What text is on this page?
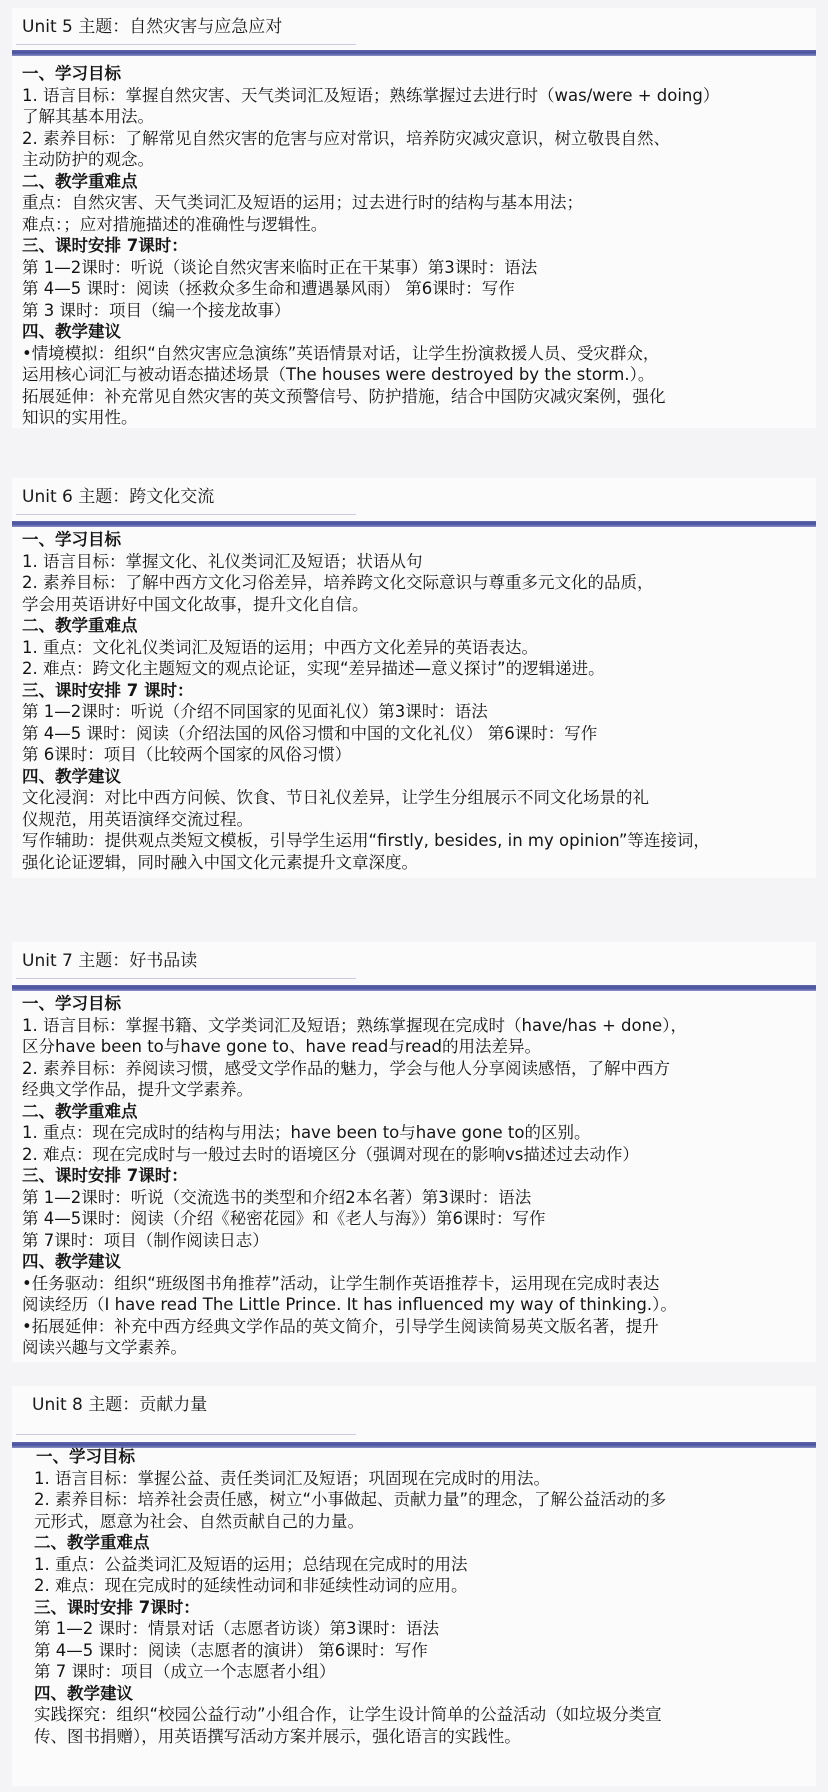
Unit 5 主题：自然灾害与应急应对
一、学习目标
1. 语言目标：掌握自然灾害、天气类词汇及短语；熟练掌握过去进行时（was/were + doing）
了解其基本用法。
2. 素养目标：了解常见自然灾害的危害与应对常识，培养防灾减灾意识，树立敬畏自然、
主动防护的观念。
二、教学重难点
重点：自然灾害、天气类词汇及短语的运用；过去进行时的结构与基本用法；
难点：；应对措施描述的准确性与逻辑性。
三、课时安排 7课时：
第 1—2课时：听说（谈论自然灾害来临时正在干某事）第3课时：语法
第 4—5 课时：阅读（拯救众多生命和遭遇暴风雨） 第6课时：写作
第 3 课时：项目（编一个接龙故事）
四、教学建议
•情境模拟：组织“自然灾害应急演练”英语情景对话，让学生扮演救援人员、受灾群众，
运用核心词汇与被动语态描述场景（The houses were destroyed by the storm.）。
拓展延伸：补充常见自然灾害的英文预警信号、防护措施，结合中国防灾减灾案例，强化
知识的实用性。
Unit 6 主题：跨文化交流
一、学习目标
1. 语言目标：掌握文化、礼仪类词汇及短语；状语从句
2. 素养目标：了解中西方文化习俗差异，培养跨文化交际意识与尊重多元文化的品质，
学会用英语讲好中国文化故事，提升文化自信。
二、教学重难点
1. 重点：文化礼仪类词汇及短语的运用；中西方文化差异的英语表达。
2. 难点：跨文化主题短文的观点论证，实现“差异描述—意义探讨”的逻辑递进。
三、课时安排 7 课时：
第 1—2课时：听说（介绍不同国家的见面礼仪）第3课时：语法
第 4—5 课时：阅读（介绍法国的风俗习惯和中国的文化礼仪） 第6课时：写作
第 6课时：项目（比较两个国家的风俗习惯）
四、教学建议
文化浸润：对比中西方问候、饮食、节日礼仪差异，让学生分组展示不同文化场景的礼
仪规范，用英语演绎交流过程。
写作辅助：提供观点类短文模板，引导学生运用“firstly, besides, in my opinion”等连接词，
强化论证逻辑，同时融入中国文化元素提升文章深度。
Unit 7 主题：好书品读
一、学习目标
1. 语言目标：掌握书籍、文学类词汇及短语；熟练掌握现在完成时（have/has + done），
区分have been to与have gone to、have read与read的用法差异。
2. 素养目标：养阅读习惯，感受文学作品的魅力，学会与他人分享阅读感悟，了解中西方
经典文学作品，提升文学素养。
二、教学重难点
1. 重点：现在完成时的结构与用法；have been to与have gone to的区别。
2. 难点：现在完成时与一般过去时的语境区分（强调对现在的影响vs描述过去动作）
三、课时安排 7课时：
第 1—2课时：听说（交流选书的类型和介绍2本名著）第3课时：语法
第 4—5课时：阅读（介绍《秘密花园》和《老人与海》）第6课时：写作
第 7课时：项目（制作阅读日志）
四、教学建议
•任务驱动：组织“班级图书角推荐”活动，让学生制作英语推荐卡，运用现在完成时表达
阅读经历（I have read The Little Prince. It has influenced my way of thinking.）。
•拓展延伸：补充中西方经典文学作品的英文简介，引导学生阅读简易英文版名著，提升
阅读兴趣与文学素养。
Unit 8 主题：贡献力量
一、学习目标
1. 语言目标：掌握公益、责任类词汇及短语；巩固现在完成时的用法。
2. 素养目标：培养社会责任感，树立“小事做起、贡献力量”的理念，了解公益活动的多
元形式，愿意为社会、自然贡献自己的力量。
二、教学重难点
1. 重点：公益类词汇及短语的运用；总结现在完成时的用法
2. 难点：现在完成时的延续性动词和非延续性动词的应用。
三、课时安排 7课时：
第 1—2 课时：情景对话（志愿者访谈）第3课时：语法
第 4—5 课时：阅读（志愿者的演讲） 第6课时：写作
第 7 课时：项目（成立一个志愿者小组）
四、教学建议
实践探究：组织“校园公益行动”小组合作，让学生设计简单的公益活动（如垃圾分类宣
传、图书捐赠），用英语撰写活动方案并展示，强化语言的实践性。
